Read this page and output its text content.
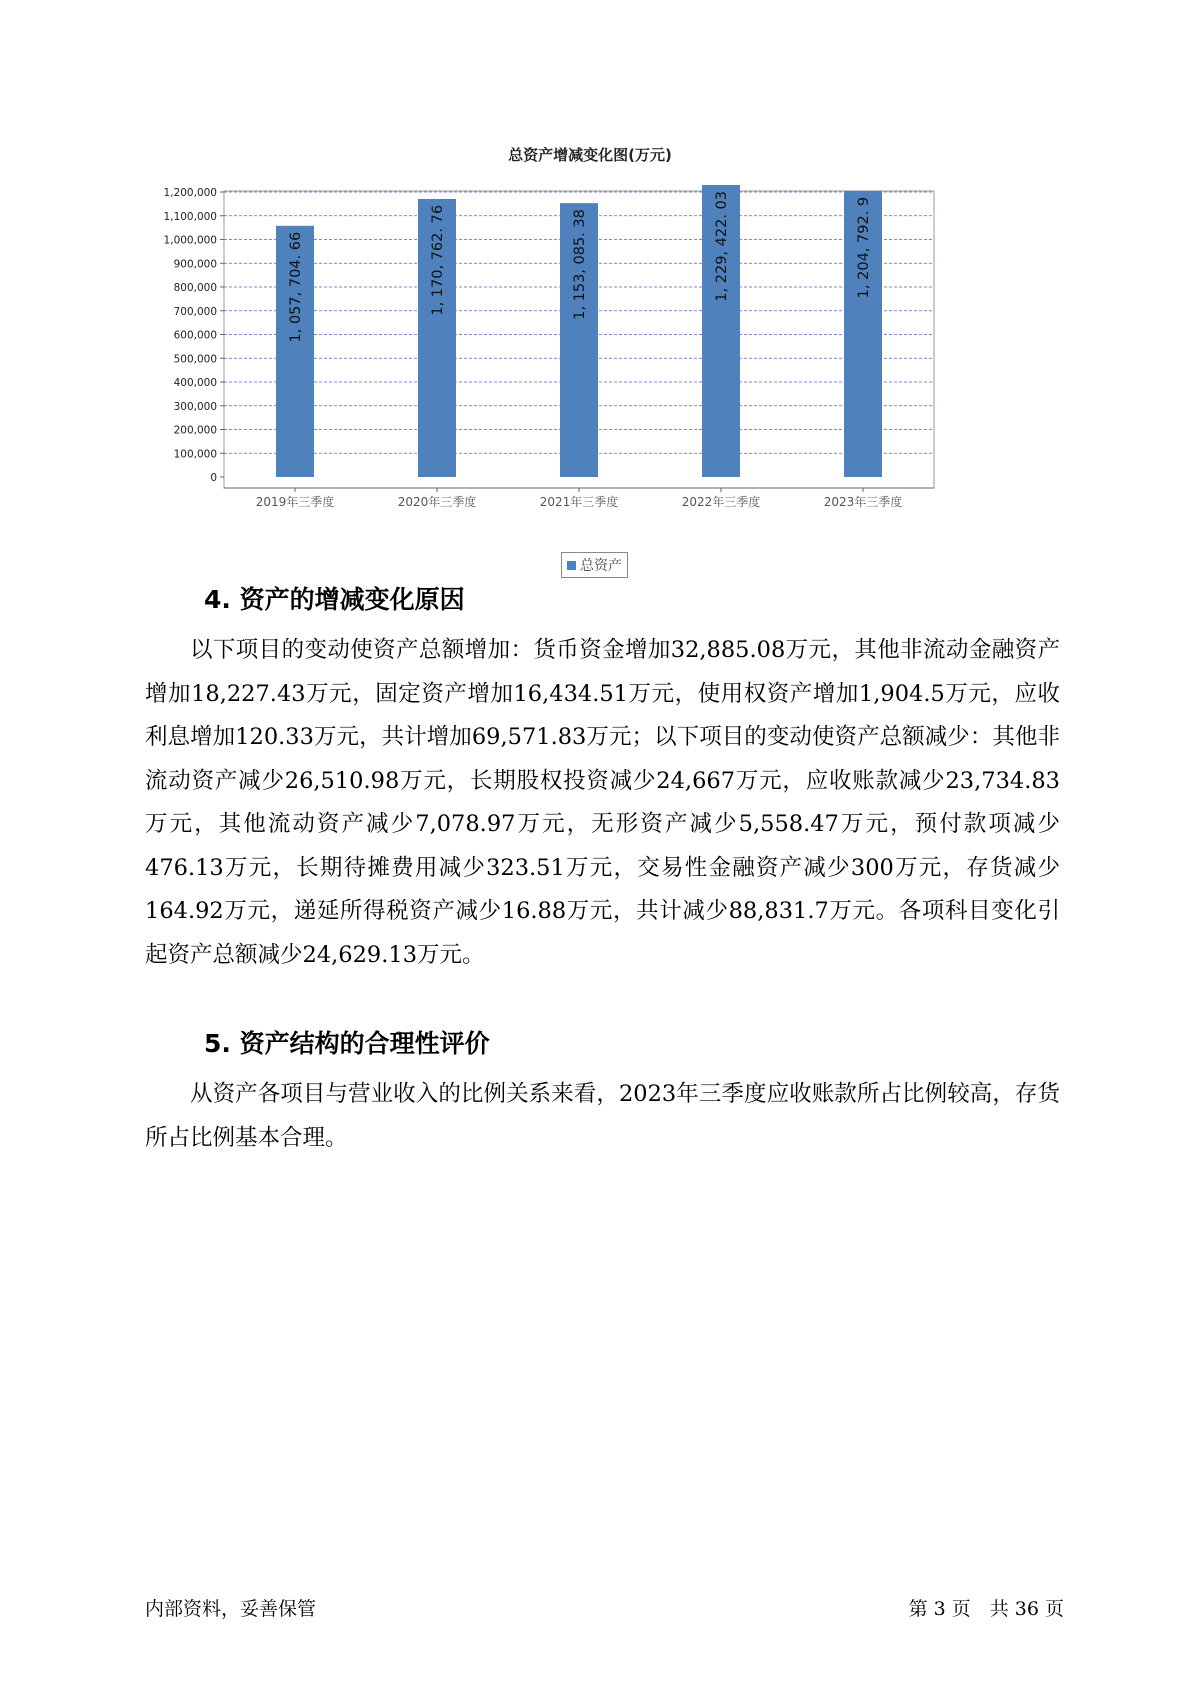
总资产增减变化图(万元)
0
100,000
200,000
300,000
400,000
500,000
600,000
700,000
800,000
900,000
1,000,000
1,100,000
1,200,000
1, 057, 704. 66
2019年三季度
1, 170, 762. 76
2020年三季度
1, 153, 085. 38
2021年三季度
1, 229, 422. 03
2022年三季度
1, 204, 792. 9
2023年三季度
总资产
4. 资产的增减变化原因

以下项目的变动使资产总额增加：货币资金增加32,885.08万元，其他非流动金融资产增加18,227.43万元，固定资产增加16,434.51万元，使用权资产增加1,904.5万元，应收利息增加120.33万元，共计增加69,571.83万元；以下项目的变动使资产总额减少：其他非流动资产减少26,510.98万元，长期股权投资减少24,667万元，应收账款减少23,734.83万元，其他流动资产减少7,078.97万元，无形资产减少5,558.47万元，预付款项减少476.13万元，长期待摊费用减少323.51万元，交易性金融资产减少300万元，存货减少164.92万元，递延所得税资产减少16.88万元，共计减少88,831.7万元。各项科目变化引起资产总额减少24,629.13万元。

5. 资产结构的合理性评价

从资产各项目与营业收入的比例关系来看，2023年三季度应收账款所占比例较高，存货所占比例基本合理。

内部资料，妥善保管	第 3 页　共 36 页
